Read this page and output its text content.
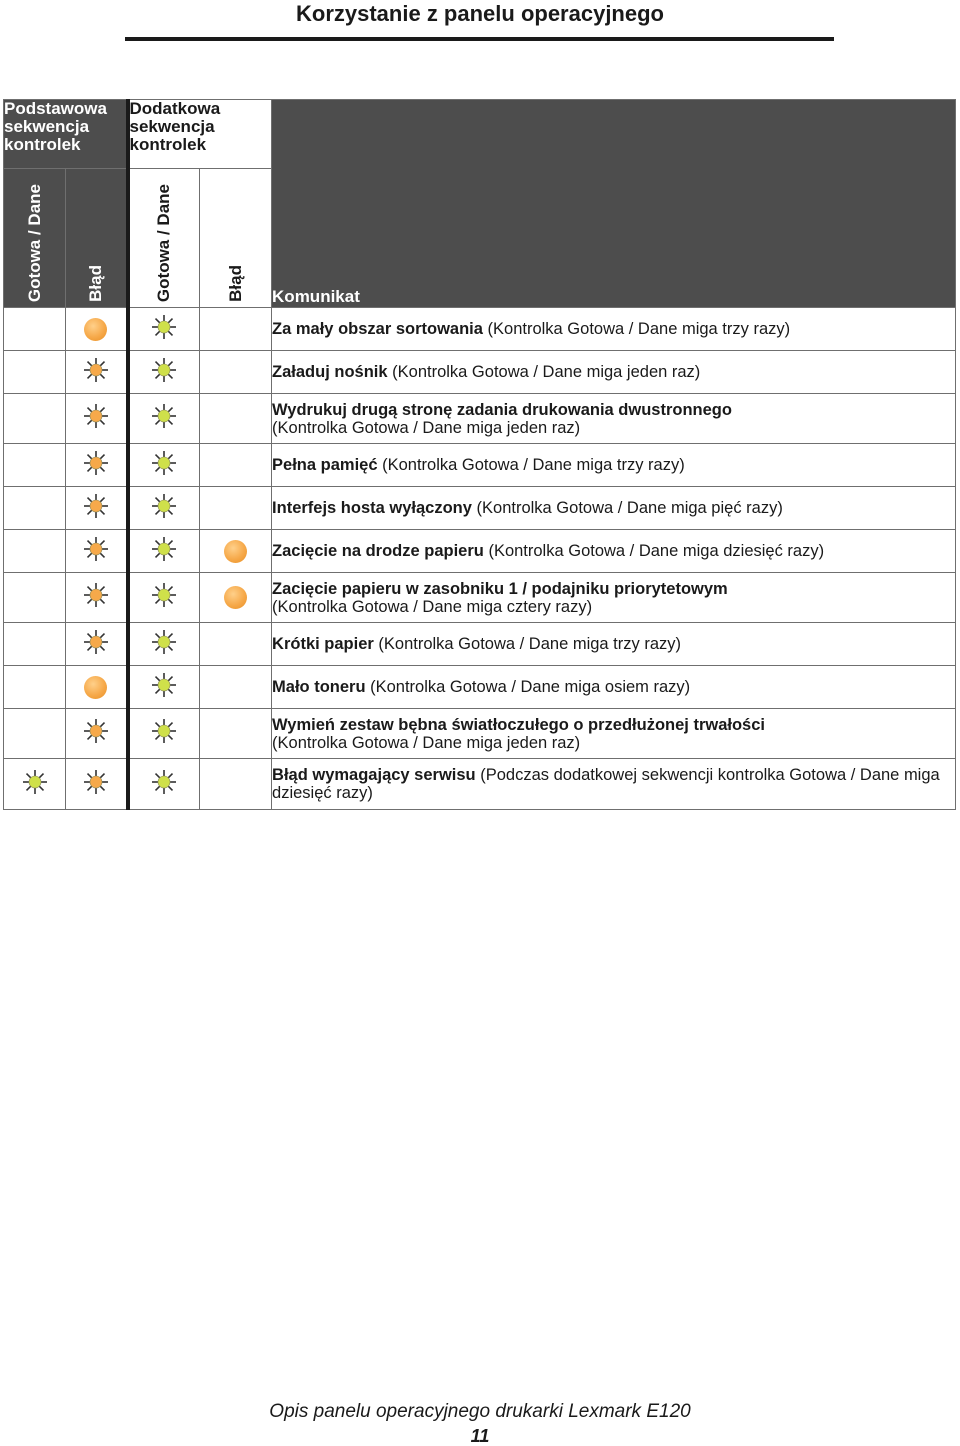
Korzystanie z panelu operacyjnego
Podstawowa sekwencja kontrolek		Dodatkowa sekwencja kontrolek		Komunikat
Gotowa / Dane	Błąd	Gotowa / Dane	Błąd	
				Za mały obszar sortowania (Kontrolka Gotowa / Dane miga trzy razy)
				Załaduj nośnik (Kontrolka Gotowa / Dane miga jeden raz)
				Wydrukuj drugą stronę zadania drukowania dwustronnego
(Kontrolka Gotowa / Dane miga jeden raz)
				Pełna pamięć (Kontrolka Gotowa / Dane miga trzy razy)
				Interfejs hosta wyłączony (Kontrolka Gotowa / Dane miga pięć razy)
				Zacięcie na drodze papieru (Kontrolka Gotowa / Dane miga dziesięć razy)
				Zacięcie papieru w zasobniku 1 / podajniku priorytetowym
(Kontrolka Gotowa / Dane miga cztery razy)
				Krótki papier (Kontrolka Gotowa / Dane miga trzy razy)
				Mało toneru (Kontrolka Gotowa / Dane miga osiem razy)
				Wymień zestaw bębna światłoczułego o przedłużonej trwałości
(Kontrolka Gotowa / Dane miga jeden raz)
				Błąd wymagający serwisu (Podczas dodatkowej sekwencji kontrolka Gotowa / Dane miga dziesięć razy)
Opis panelu operacyjnego drukarki Lexmark E120
11
